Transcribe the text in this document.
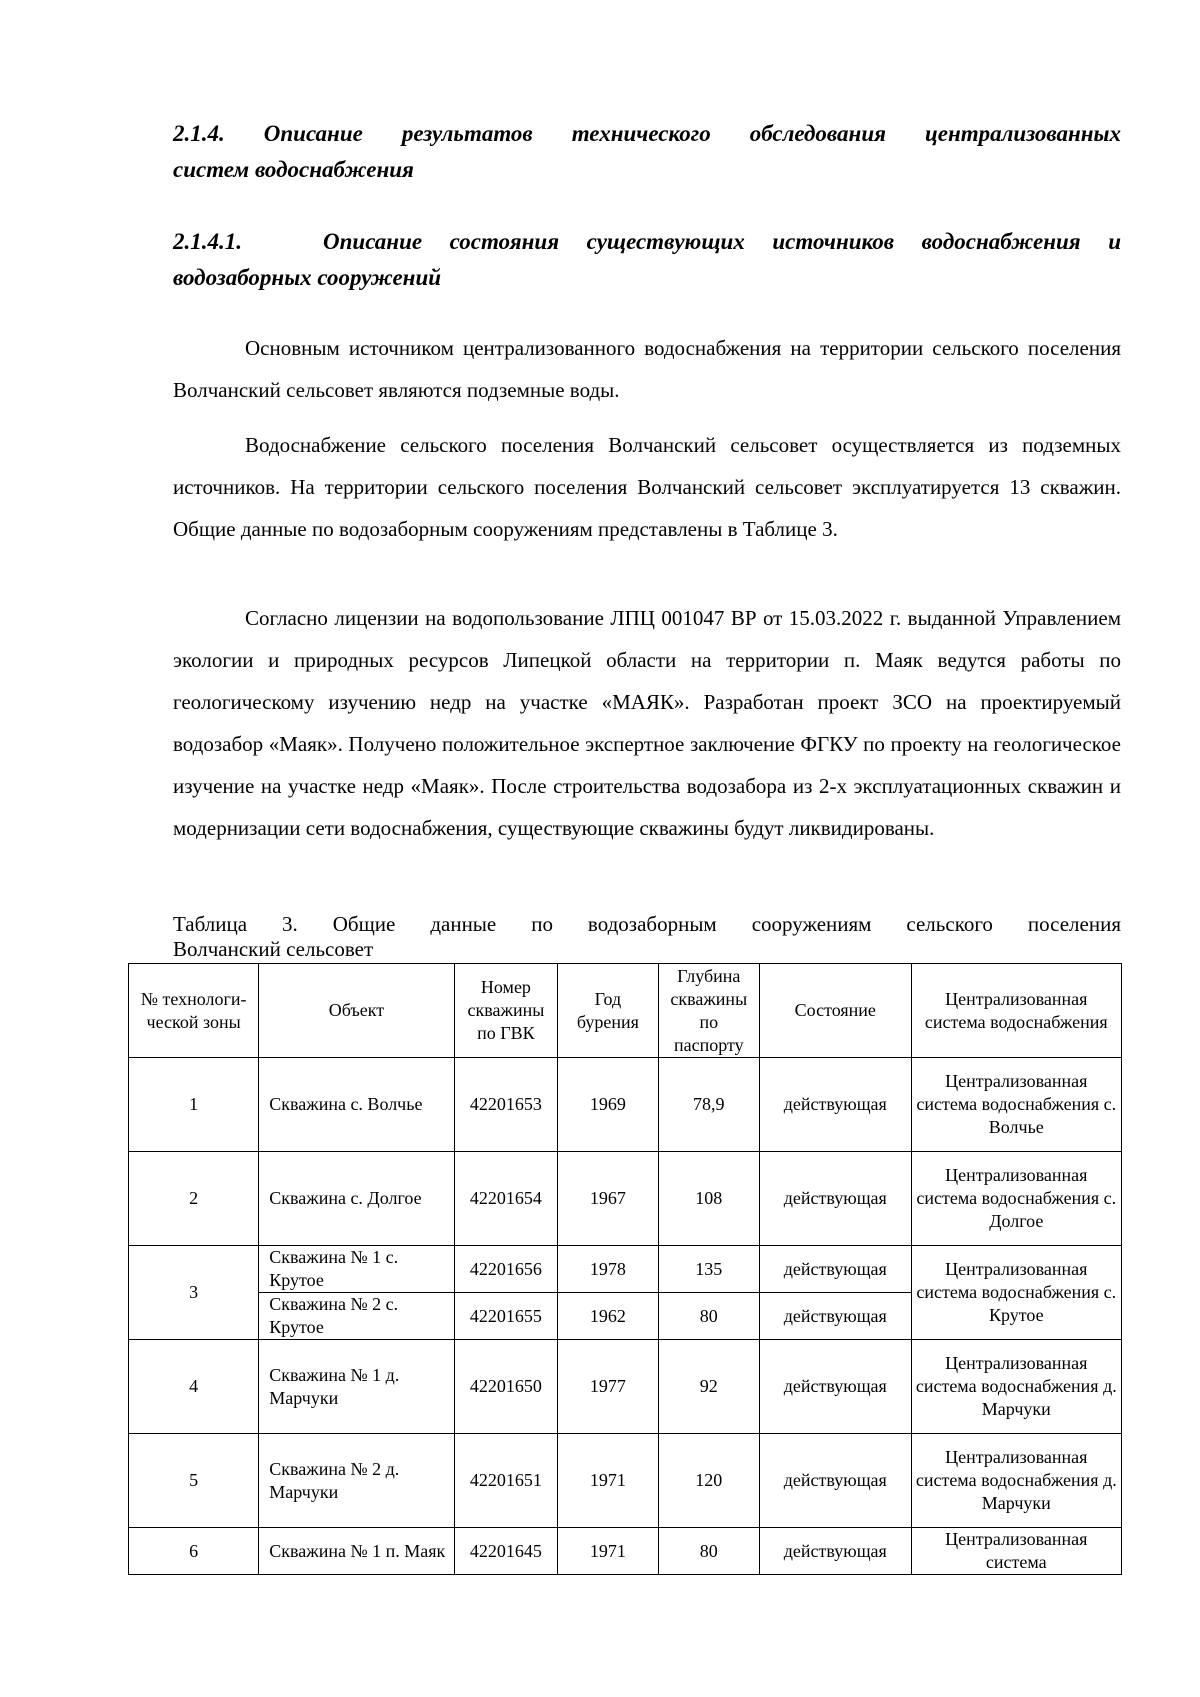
2.1.4. Описание результатов технического обследования централизованных
систем водоснабжения
2.1.4.1.	Описание состояния существующих источников водоснабжения и
водозаборных сооружений
Основным источником централизованного водоснабжения на территории сельского поселения Волчанский сельсовет являются подземные воды.
Водоснабжение сельского поселения Волчанский сельсовет осуществляется из подземных источников. На территории сельского поселения Волчанский сельсовет эксплуатируется 13 скважин. Общие данные по водозаборным сооружениям представлены в Таблице 3.
Согласно лицензии на водопользование ЛПЦ 001047 ВР от 15.03.2022 г. выданной Управлением экологии и природных ресурсов Липецкой области на территории п. Маяк ведутся работы по геологическому изучению недр на участке «МАЯК». Разработан проект ЗСО на проектируемый водозабор «Маяк». Получено положительное экспертное заключение ФГКУ по проекту на геологическое изучение на участке недр «Маяк». После строительства водозабора из 2-х эксплуатационных скважин и модернизации сети водоснабжения, существующие скважины будут ликвидированы.
Таблица 3. Общие данные по водозаборным сооружениям сельского поселения
Волчанский сельсовет
№ технологи-ческой зоны	Объект	Номер скважины по ГВК	Год бурения	Глубина скважины по паспорту	Состояние	Централизованная система водоснабжения
1	Скважина с. Волчье	42201653	1969	78,9	действующая	Централизованная система водоснабжения с. Волчье
2	Скважина с. Долгое	42201654	1967	108	действующая	Централизованная система водоснабжения с. Долгое
3	Скважина № 1 с. Крутое	42201656	1978	135	действующая	Централизованная система водоснабжения с. Крутое
	Скважина № 2 с. Крутое	42201655	1962	80	действующая	
4	Скважина № 1 д. Марчуки	42201650	1977	92	действующая	Централизованная система водоснабжения д. Марчуки
5	Скважина № 2 д. Марчуки	42201651	1971	120	действующая	Централизованная система водоснабжения д. Марчуки
6	Скважина № 1 п. Маяк	42201645	1971	80	действующая	Централизованная система
